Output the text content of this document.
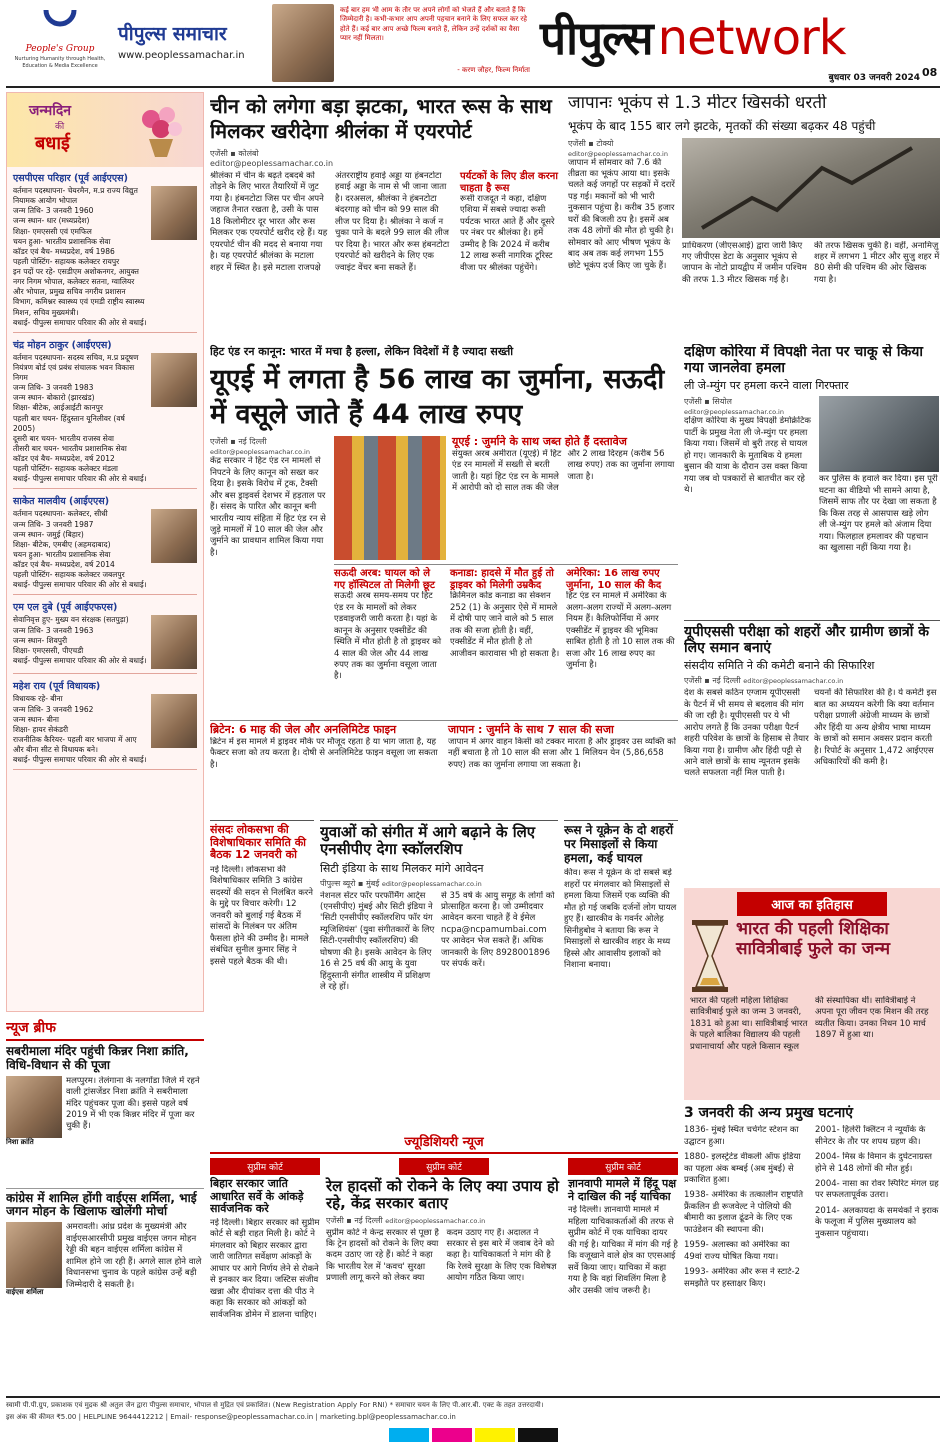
People's Group
Nurturing Humanity through Health, Education & Media Excellence
पीपुल्स समाचार
www.peoplessamachar.in
कई बार हम भी आम के तौर पर अपने लोगों को भेजते हैं और बताते हैं कि जिम्मेदारी है। कभी-कभार आप अपनी पहचान बनाने के लिए सफल कर रहे होते हैं। कई बार आप अच्छे फिल्म बनाते हैं, लेकिन उन्हें दर्शकों का वैसा प्यार नहीं मिलता।
- करण जौहर, फिल्म निर्माता
पीपुल्स network
बुधवार 03 जनवरी 2024 08
जन्मदिन
की
बधाई
एसपीएस परिहार (पूर्व आईएएस)
वर्तमान पदस्थापना- चेयरमैन, म.प्र राज्य विद्युत नियामक आयोग भोपाल
जन्म तिथि- 3 जनवरी 1960
जन्म स्थान- धार (मध्यप्रदेश)
शिक्षा- एमएससी एवं एमफिल
चयन हुआ- भारतीय प्रशासनिक सेवा
कॉडर एवं बैच- मध्यप्रदेश, वर्ष 1986
पहली पोस्टिंग- सहायक कलेक्टर रायपुर
इन पदों पर रहे- एसडीएम अशोकनगर, आयुक्त नगर निगम भोपाल, कलेक्टर सतना, ग्वालियर और भोपाल, प्रमुख सचिव नगरीय प्रशासन विभाग, कमिश्नर स्वास्थ्य एवं एमडी राष्ट्रीय स्वास्थ्य मिशन, सचिव मुख्यमंत्री।
बधाई- पीपुल्स समाचार परिवार की ओर से बधाई।
चंद्र मोहन ठाकुर (आईएएस)
वर्तमान पदस्थापना- सदस्य सचिव, म.प्र प्रदूषण नियंत्रण बोर्ड एवं प्रबंध संचालक भवन विकास निगम
जन्म तिथि- 3 जनवरी 1983
जन्म स्थान- बोकारो (झारखंड)
शिक्षा- बीटेक, आईआईटी कानपुर
पहली बार चयन- हिंदुस्तान यूनिलीवर (वर्ष 2005)
दूसरी बार चयन- भारतीय राजस्व सेवा
तीसरी बार चयन- भारतीय प्रशासनिक सेवा
कॉडर एवं बैच- मध्यप्रदेश, वर्ष 2012
पहली पोस्टिंग- सहायक कलेक्टर मंडला
बधाई- पीपुल्स समाचार परिवार की ओर से बधाई।
साकेत मालवीय (आईएएस)
वर्तमान पदस्थापना- कलेक्टर, सीधी
जन्म तिथि- 3 जनवरी 1987
जन्म स्थान- जमुई (बिहार)
शिक्षा- बीटेक, एमबीए (अहमदाबाद)
चयन हुआ- भारतीय प्रशासनिक सेवा
कॉडर एवं बैच- मध्यप्रदेश, वर्ष 2014
पहली पोस्टिंग- सहायक कलेक्टर जबलपुर
बधाई- पीपुल्स समाचार परिवार की ओर से बधाई।
एम एल दुबे (पूर्व आईएफएस)
सेवानिवृत्त हुए- मुख्य वन संरक्षक (सतपुड़ा)
जन्म तिथि- 3 जनवरी 1963
जन्म स्थान- शिवपुरी
शिक्षा- एमएससी, पीएचडी
बधाई- पीपुल्स समाचार परिवार की ओर से बधाई।
महेश राय (पूर्व विधायक)
विधायक रहे- बीना
जन्म तिथि- 3 जनवरी 1962
जन्म स्थान- बीना
शिक्षा- हायर सेकंडरी
राजनीतिक कैरियर- पहली बार भाजपा में आए और बीना सीट से विधायक बने।
बधाई- पीपुल्स समाचार परिवार की ओर से बधाई।
न्यूज ब्रीफ
सबरीमाला मंदिर पहुंची किन्नर निशा क्रांति, विधि-विधान से की पूजा
निशा क्रांति
मलप्पुरम। तेलंगाना के नलगोंडा जिले में रहने वाली ट्रांसजेंडर निशा क्रांति ने सबरीमाला मंदिर पहुंचकर पूजा की। इससे पहले वर्ष 2019 में भी एक किन्नर मंदिर में पूजा कर चुकी हैं।
कांग्रेस में शामिल होंगी वाईएस शर्मिला, भाई जगन मोहन के खिलाफ खोलेंगी मोर्चा
वाईएस शर्मिला
अमरावती। आंध्र प्रदेश के मुख्यमंत्री और वाईएसआरसीपी प्रमुख वाईएस जगन मोहन रेड्डी की बहन वाईएस शर्मिला कांग्रेस में शामिल होने जा रही हैं। अगले साल होने वाले विधानसभा चुनाव के पहले कांग्रेस उन्हें बड़ी जिम्मेदारी दे सकती है।
चीन को लगेगा बड़ा झटका, भारत रूस के साथ मिलकर खरीदेगा श्रीलंका में एयरपोर्ट
एजेंसी ▪ कोलंबो
editor@peoplessamachar.co.in
श्रीलंका में चीन के बढ़ते दबदबे को तोड़ने के लिए भारत तैयारियों में जुट गया है। हंबनटोटा जिस पर चीन अपने जहाज तैनात रखता है, उसी के पास 18 किलोमीटर दूर भारत और रूस मिलकर एक एयरपोर्ट खरीद रहे हैं। यह एयरपोर्ट चीन की मदद से बनाया गया है। यह एयरपोर्ट श्रीलंका के मटाला शहर में स्थित है। इसे मटाला राजपक्षे अंतरराष्ट्रीय हवाई अड्डा या हंबनटोटा हवाई अड्डा के नाम से भी जाना जाता है। दरअसल, श्रीलंका ने हंबनटोटा बंदरगाह को चीन को 99 साल की लीज पर दिया है। श्रीलंका ने कर्ज न चुका पाने के बदले 99 साल की लीज पर दिया है। भारत और रूस हंबनटोटा एयरपोर्ट को खरीदने के लिए एक ज्वाइंट वेंचर बना सकते हैं।
पर्यटकों के लिए डील करना चाहता है रूस
रूसी राजदूत ने कहा, दक्षिण एशिया में सबसे ज्यादा रूसी पर्यटक भारत आते हैं और दूसरे पर नंबर पर श्रीलंका है। हमें उम्मीद है कि 2024 में करीब 12 लाख रूसी नागरिक टूरिस्ट वीजा पर श्रीलंका पहुंचेंगे।
जापानः भूकंप से 1.3 मीटर खिसकी धरती
भूकंप के बाद 155 बार लगे झटके, मृतकों की संख्या बढ़कर 48 पहुंची
एजेंसी ▪ टोक्यो
editor@peoplessamachar.co.in
जापान में सोमवार को 7.6 की तीव्रता का भूकंप आया था। इसके चलते कई जगहों पर सड़कों में दरारें पड़ गई। मकानों को भी भारी नुकसान पहुंचा है। करीब 35 हजार घरों की बिजली ठप है। इसमें अब तक 48 लोगों की मौत हो चुकी है। सोमवार को आए भीषण भूकंप के बाद अब तक कई लगभग 155 छोटे भूकंप दर्ज किए जा चुके हैं।
प्राधिकरण (जीएसआई) द्वारा जारी किए गए जीपीएस डेटा के अनुसार भूकंप से जापान के नोटो प्रायद्वीप में जमीन पश्चिम की तरफ 1.3 मीटर खिसक गई है।
की तरफ खिसक चुकी है। वहीं, अनामिज़ु शहर में लगभग 1 मीटर और सुजु शहर में 80 सेमी की पश्चिम की ओर खिसक गया है।
हिट एंड रन कानून: भारत में मचा है हल्ला, लेकिन विदेशों में है ज्यादा सख्ती
यूएई में लगता है 56 लाख का जुर्माना, सऊदी में वसूले जाते हैं 44 लाख रुपए
एजेंसी ▪ नई दिल्ली
editor@peoplessamachar.co.in
केंद्र सरकार ने हिट एंड रन मामलों से निपटने के लिए कानून को सख्त कर दिया है। इसके विरोध में ट्रक, टैक्सी और बस ड्राइवर्स देशभर में हड़ताल पर हैं। संसद के पारित और कानून बनी भारतीय न्याय संहिता में हिट एंड रन से जुड़े मामलों में 10 साल की जेल और जुर्माने का प्रावधान शामिल किया गया है।
यूएई : जुर्माने के साथ जब्त होते हैं दस्तावेज
संयुक्त अरब अमीरात (यूएई) में हिट एंड रन मामलों में सख्ती से बरती जाती है। यहां हिट एंड रन के मामले में आरोपी को दो साल तक की जेल और 2 लाख दिरहम (करीब 56 लाख रुपए) तक का जुर्माना लगाया जाता है।
सऊदी अरब: घायल को ले गए हॉस्पिटल तो मिलेगी छूट
सऊदी अरब समय-समय पर हिट एंड रन के मामलों को लेकर एडवाइजरी जारी करता है। यहां के कानून के अनुसार एक्सीडेंट की स्थिति में मौत होती है तो ड्राइवर को 4 साल की जेल और 44 लाख रुपए तक का जुर्माना वसूला जाता है।
कनाडा: हादसे में मौत हुई तो ड्राइवर को मिलेगी उम्रकैद
क्रिमिनल कोड कनाडा का सेक्शन 252 (1) के अनुसार ऐसे में मामले में दोषी पाए जाने वाले को 5 साल तक की सजा होती है। वहीं, एक्सीडेंट में मौत होती है तो आजीवन कारावास भी हो सकता है।
अमेरिका: 16 लाख रुपए जुर्माना, 10 साल की कैद
हिट एंड रन मामले में अमेरिका के अलग-अलग राज्यों में अलग-अलग नियम हैं। कैलिफोर्निया में अगर एक्सीडेंट में ड्राइवर की भूमिका साबित होती है तो 10 साल तक की सजा और 16 लाख रुपए का जुर्माना है।
ब्रिटेन: 6 माह की जेल और अनलिमिटेड फाइन
ब्रिटेन में इस मामले में ड्राइवर मौके पर मौजूद रहता है या भाग जाता है, यह फैक्टर सजा को तय करता है। दोषी से अनलिमिटेड फाइन वसूला जा सकता है।
जापान : जुर्माने के साथ 7 साल की सजा
जापान में अगर वाहन किसी को टक्कर मारता है और ड्राइवर उस व्यक्ति को नहीं बचाता है तो 10 साल की सजा और 1 मिलियन येन (5,86,658 रुपए) तक का जुर्माना लगाया जा सकता है।
दक्षिण कोरिया में विपक्षी नेता पर चाकू से किया गया जानलेवा हमला
ली जे-म्युंग पर हमला करने वाला गिरफ्तार
एजेंसी ▪ सियोल
editor@peoplessamachar.co.in
दक्षिण कोरिया के मुख्य विपक्षी डेमोक्रेटिक पार्टी के प्रमुख नेता ली जे-म्युंग पर हमला किया गया। जिसमें वो बुरी तरह से घायल हो गए। जानकारी के मुताबिक ये हमला बुसान की यात्रा के दौरान उस वक्त किया गया जब वो पत्रकारों से बातचीत कर रहे थे।
कर पुलिस के हवाले कर दिया। इस पूरी घटना का वीडियो भी सामने आया है, जिसमें साफ तौर पर देखा जा सकता है कि किस तरह से आसपास खड़े लोग ली जे-म्युंग पर हमले को अंजाम दिया गया। फिलहाल हमलावर की पहचान का खुलासा नहीं किया गया है।
यूपीएससी परीक्षा को शहरों और ग्रामीण छात्रों के लिए समान बनाएं
संसदीय समिति ने की कमेटी बनाने की सिफारिश
एजेंसी ▪ नई दिल्ली editor@peoplessamachar.co.in
देश के सबसे कठिन एग्जाम यूपीएससी के पैटर्न में भी समय से बदलाव की मांग की जा रही है। यूपीएससी पर ये भी आरोप लगते हैं कि उनका परीक्षा पैटर्न शहरी परिवेश के छात्रों के हिसाब से तैयार किया गया है। ग्रामीण और हिंदी पट्टी से आने वाले छात्रों के साथ न्यूनतम इसके चलते सफलता नहीं मिल पाती है।
चयनों की सिफारिश की है। ये कमेटी इस बात का अध्ययन करेगी कि क्या वर्तमान परीक्षा प्रणाली अंग्रेजी माध्यम के छात्रों और हिंदी या अन्य क्षेत्रीय भाषा माध्यम के छात्रों को समान अवसर प्रदान करती है। रिपोर्ट के अनुसार 1,472 आईएएस अधिकारियों की कमी है।
संसदः लोकसभा की विशेषाधिकार समिति की बैठक 12 जनवरी को
नई दिल्ली। लोकसभा की विशेषाधिकार समिति 3 कांग्रेस सदस्यों की सदन से निलंबित करने के मुद्दे पर विचार करेगी। 12 जनवरी को बुलाई गई बैठक में सांसदों के निलंबन पर अंतिम फैसला होने की उम्मीद है। मामले संबंधित सुनील कुमार सिंह ने इससे पहले बैठक की थी।
युवाओं को संगीत में आगे बढ़ाने के लिए एनसीपीए देगा स्कॉलरशिप
सिटी इंडिया के साथ मिलकर मांगे आवेदन
पीपुल्स ब्यूरो ▪ मुंबई editor@peoplessamachar.co.in
नेशनल सेंटर फॉर परफॉर्मिंग आर्ट्स (एनसीपीए) मुंबई और सिटी इंडिया ने 'सिटी एनसीपीए स्कॉलरशिप फॉर यंग म्यूजिशियंस' (युवा संगीतकारों के लिए सिटी-एनसीपीए स्कॉलरशिप) की घोषणा की है। इसके आवेदन के लिए 16 से 25 वर्ष की आयु के युवा हिंदुस्तानी संगीत शास्त्रीय में प्रशिक्षण ले रहे हों।
से 35 वर्ष के आयु समूह के लोगों को प्रोत्साहित करना है। जो उम्मीदवार आवेदन करना चाहते हैं वे ईमेल ncpa@ncpamumbai.com पर आवेदन भेज सकते हैं। अधिक जानकारी के लिए 8928001896 पर संपर्क करें।
रूस ने यूक्रेन के दो शहरों पर मिसाइलों से किया हमला, कई घायल
कीव। रूस ने यूक्रेन के दो सबसे बड़े शहरों पर मंगलवार को मिसाइलों से हमला किया जिसमें एक व्यक्ति की मौत हो गई जबकि दर्जनों लोग घायल हुए हैं। खारकीव के गवर्नर ओलेह सिनीहुबोव ने बताया कि रूस ने मिसाइलों से खारकीव शहर के मध्य हिस्से और आवासीय इलाकों को निशाना बनाया।
ज्यूडिशियरी न्यूज
सुप्रीम कोर्ट
बिहार सरकार जाति आधारित सर्वे के आंकड़े सार्वजनिक करे
नई दिल्ली। बिहार सरकार को सुप्रीम कोर्ट से बड़ी राहत मिली है। कोर्ट ने मंगलवार को बिहार सरकार द्वारा जारी जातिगत सर्वेक्षण आंकड़ों के आधार पर आगे निर्णय लेने से रोकने से इनकार कर दिया। जस्टिस संजीव खन्ना और दीपांकर दत्ता की पीठ ने कहा कि सरकार को आंकड़ों को सार्वजनिक डोमेन में डालना चाहिए।
सुप्रीम कोर्ट
रेल हादसों को रोकने के लिए क्या उपाय हो रहे, केंद्र सरकार बताए
एजेंसी ▪ नई दिल्ली editor@peoplessamachar.co.in
सुप्रीम कोर्ट ने केन्द्र सरकार से पूछा है कि ट्रेन हादसों को रोकने के लिए क्या कदम उठाए जा रहे हैं। कोर्ट ने कहा कि भारतीय रेल में 'कवच' सुरक्षा प्रणाली लागू करने को लेकर क्या कदम उठाए गए हैं। अदालत ने सरकार से इस बारे में जवाब देने को कहा है। याचिकाकर्ता ने मांग की है कि रेलवे सुरक्षा के लिए एक विशेषज्ञ आयोग गठित किया जाए।
सुप्रीम कोर्ट
ज्ञानवापी मामले में हिंदू पक्ष ने दाखिल की नई याचिका
नई दिल्ली। ज्ञानवापी मामले में महिला याचिकाकर्ताओं की तरफ से सुप्रीम कोर्ट में एक याचिका दायर की गई है। याचिका में मांग की गई है कि वजूखाने वाले क्षेत्र का एएसआई सर्वे किया जाए। याचिका में कहा गया है कि वहां शिवलिंग मिला है और उसकी जांच जरूरी है।
आज का इतिहास
भारत की पहली शिक्षिका सावित्रीबाई फुले का जन्म
भारत की पहली महिला शिक्षिका सावित्रीबाई फुले का जन्म 3 जनवरी, 1831 को हुआ था। सावित्रीबाई भारत के पहले बालिका विद्यालय की पहली प्रधानाचार्या और पहले किसान स्कूल की संस्थापिका थीं। सावित्रीबाई ने अपना पूरा जीवन एक मिशन की तरह व्यतीत किया। उनका निधन 10 मार्च 1897 में हुआ था।
3 जनवरी की अन्य प्रमुख घटनाएं
1836- मुंबई स्थित चर्चगेट स्टेशन का उद्घाटन हुआ।
1880- इलस्ट्रेटेड वीकली ऑफ इंडिया का पहला अंक बम्बई (अब मुंबई) से प्रकाशित हुआ।
1938- अमेरिका के तत्कालीन राष्ट्रपति फ्रैंकलिन डी रूजवेल्ट ने पोलियो की बीमारी का इलाज ढूंढने के लिए एक फाउंडेशन की स्थापना की।
1959- अलास्का को अमेरिका का 49वां राज्य घोषित किया गया।
1993- अमेरिका और रूस ने स्टार्ट-2 समझौते पर हस्ताक्षर किए।
2001- हिलेरी क्लिंटन ने न्यूयॉर्क के सीनेटर के तौर पर शपथ ग्रहण की।
2004- मिस्र के विमान के दुर्घटनाग्रस्त होने से 148 लोगों की मौत हुई।
2004- नासा का रोवर स्पिरिट मंगल ग्रह पर सफलतापूर्वक उतरा।
2014- अलकायदा के समर्थकों ने इराक के फलूजा में पुलिस मुख्यालय को नुकसान पहुंचाया।
स्वामी पी.पी.ग्रुप, प्रकाशक एवं मुद्रक श्री अतुल जैन द्वारा पीपुल्स समाचार, भोपाल से मुद्रित एवं प्रकाशित। (New Registration Apply For RNI) * समाचार चयन के लिए पी.आर.बी. एक्ट के तहत उत्तरदायी।
इस अंक की कीमत ₹5.00 | HELPLINE 9644412212 | Email- response@peoplessamachar.co.in | marketing.bpl@peoplessamachar.co.in
